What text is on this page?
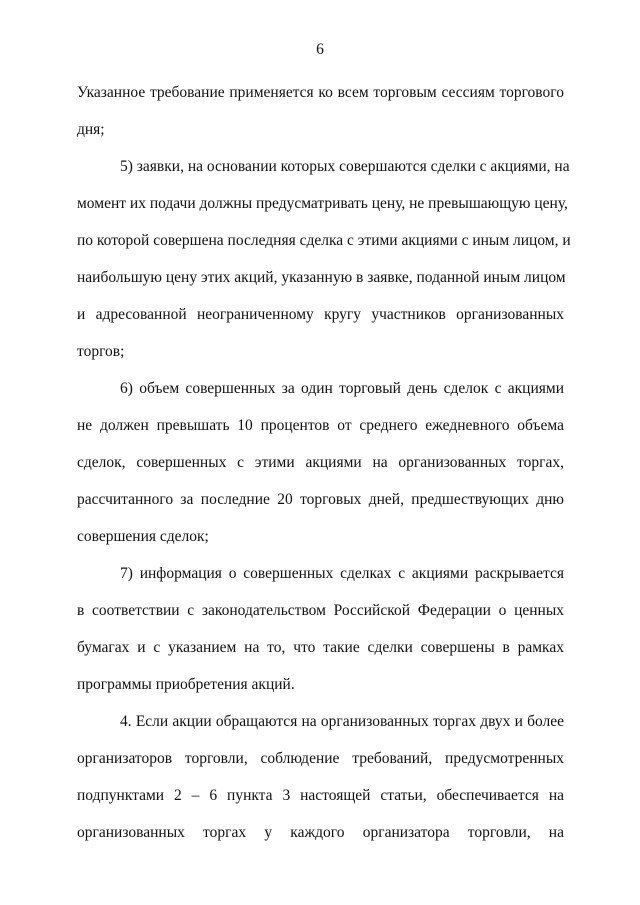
6

Указанное требование применяется ко всем торговым сессиям торгового
дня;

5) заявки, на основании которых совершаются сделки с акциями, на
момент их подачи должны предусматривать цену, не превышающую цену,
по которой совершена последняя сделка с этими акциями с иным лицом, и
наибольшую цену этих акций, указанную в заявке, поданной иным лицом
и адресованной неограниченному кругу участников организованных
торгов;

6) объем совершенных за один торговый день сделок с акциями
не должен превышать 10 процентов от среднего ежедневного объема
сделок, совершенных с этими акциями на организованных торгах,
рассчитанного за последние 20 торговых дней, предшествующих дню
совершения сделок;

7) информация о совершенных сделках с акциями раскрывается
в соответствии с законодательством Российской Федерации о ценных
бумагах и с указанием на то, что такие сделки совершены в рамках
программы приобретения акций.

4. Если акции обращаются на организованных торгах двух и более
организаторов торговли, соблюдение требований, предусмотренных
подпунктами 2 – 6 пункта 3 настоящей статьи, обеспечивается на
организованных торгах у каждого организатора торговли, на
